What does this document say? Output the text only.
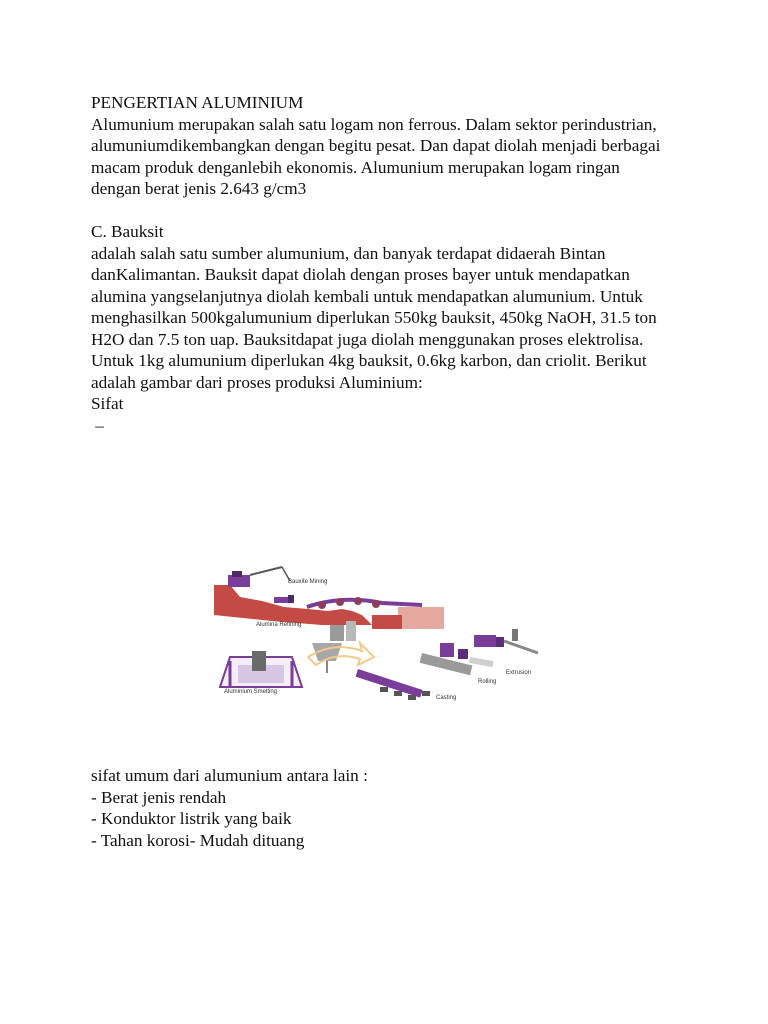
PENGERTIAN ALUMINIUM
Alumunium merupakan salah satu logam non ferrous. Dalam sektor perindustrian,
alumuniumdikembangkan dengan begitu pesat. Dan dapat diolah menjadi berbagai
macam produk denganlebih ekonomis. Alumunium merupakan logam ringan
dengan berat jenis 2.643 g/cm3
C. Bauksit
adalah salah satu sumber alumunium, dan banyak terdapat didaerah Bintan
danKalimantan. Bauksit dapat diolah dengan proses bayer untuk mendapatkan
alumina yangselanjutnya diolah kembali untuk mendapatkan alumunium. Untuk
menghasilkan 500kgalumunium diperlukan 550kg bauksit, 450kg NaOH, 31.5 ton
H2O dan 7.5 ton uap. Bauksitdapat juga diolah menggunakan proses elektrolisa.
Untuk 1kg alumunium diperlukan 4kg bauksit, 0.6kg karbon, dan criolit. Berikut
adalah gambar dari proses produksi Aluminium:
Sifat
–
Bauxite Mining
Alumina Refining
Aluminium Smelting
Casting
Rolling
Extrusion
sifat umum dari alumunium antara lain :
- Berat jenis rendah
- Konduktor listrik yang baik
- Tahan korosi- Mudah dituang
